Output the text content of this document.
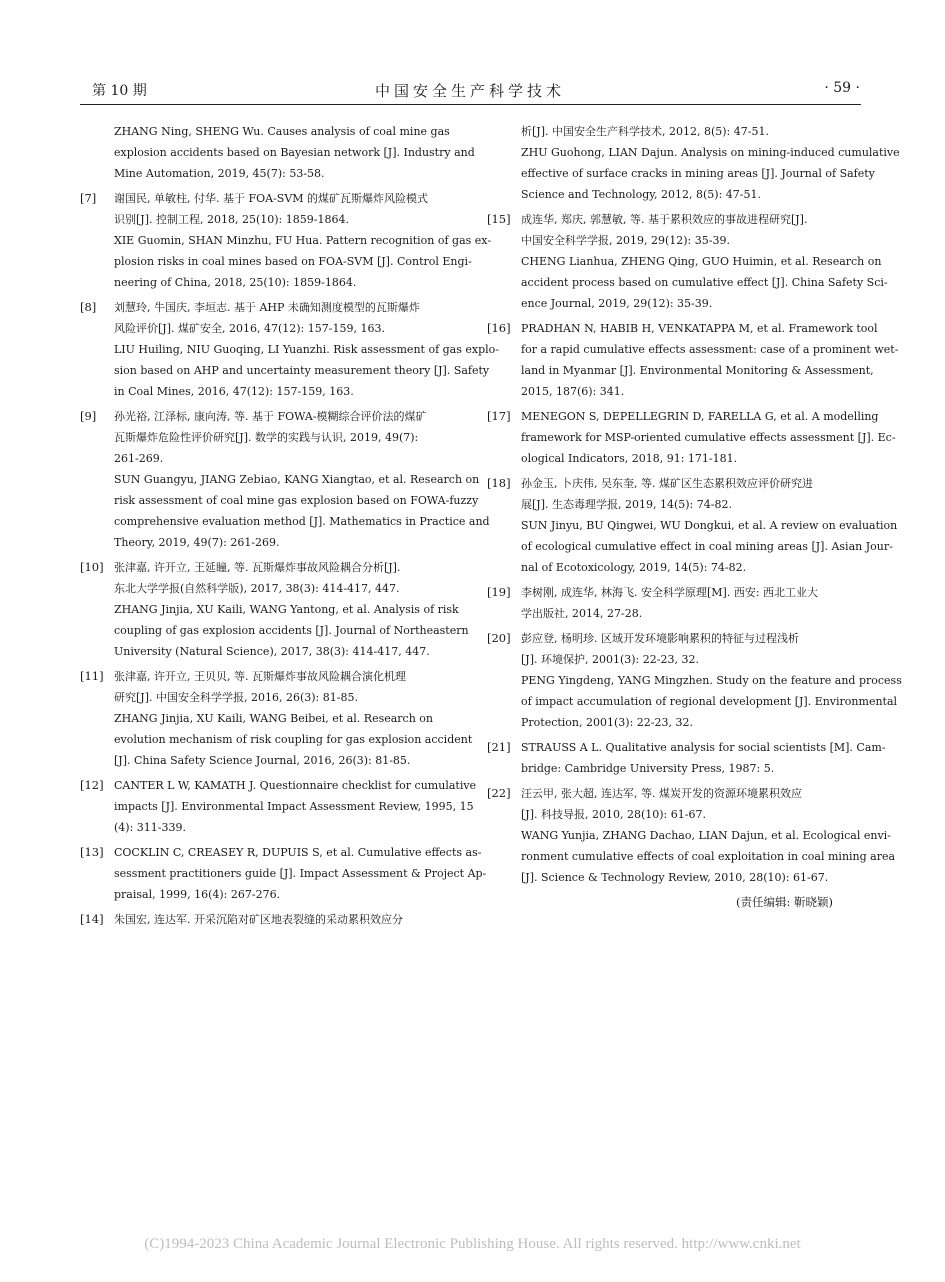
中国安全生产科学技术
第 10 期	· 59 ·
ZHANG Ning, SHENG Wu. Causes analysis of coal mine gas
explosion accidents based on Bayesian network [J]. Industry and
Mine Automation, 2019, 45(7): 53-58.
[7]	谢国民, 单敏柱, 付华. 基于 FOA-SVM 的煤矿瓦斯爆炸风险模式
识别[J]. 控制工程, 2018, 25(10): 1859-1864.
XIE Guomin, SHAN Minzhu, FU Hua. Pattern recognition of gas ex-
plosion risks in coal mines based on FOA-SVM [J]. Control Engi-
neering of China, 2018, 25(10): 1859-1864.
[8]	刘慧玲, 牛国庆, 李垣志. 基于 AHP 未确知测度模型的瓦斯爆炸
风险评价[J]. 煤矿安全, 2016, 47(12): 157-159, 163.
LIU Huiling, NIU Guoqing, LI Yuanzhi. Risk assessment of gas explo-
sion based on AHP and uncertainty measurement theory [J]. Safety
in Coal Mines, 2016, 47(12): 157-159, 163.
[9]	孙光裕, 江泽标, 康向涛, 等. 基于 FOWA-模糊综合评价法的煤矿
瓦斯爆炸危险性评价研究[J]. 数学的实践与认识, 2019, 49(7):
261-269.
SUN Guangyu, JIANG Zebiao, KANG Xiangtao, et al. Research on
risk assessment of coal mine gas explosion based on FOWA-fuzzy
comprehensive evaluation method [J]. Mathematics in Practice and
Theory, 2019, 49(7): 261-269.
[10] 张津嘉, 许开立, 王延瞳, 等. 瓦斯爆炸事故风险耦合分析[J].
东北大学学报(自然科学版), 2017, 38(3): 414-417, 447.
ZHANG Jinjia, XU Kaili, WANG Yantong, et al. Analysis of risk
coupling of gas explosion accidents [J]. Journal of Northeastern
University (Natural Science), 2017, 38(3): 414-417, 447.
[11] 张津嘉, 许开立, 王贝贝, 等. 瓦斯爆炸事故风险耦合演化机理
研究[J]. 中国安全科学学报, 2016, 26(3): 81-85.
ZHANG Jinjia, XU Kaili, WANG Beibei, et al. Research on
evolution mechanism of risk coupling for gas explosion accident
[J]. China Safety Science Journal, 2016, 26(3): 81-85.
[12] CANTER L W, KAMATH J. Questionnaire checklist for cumulative
impacts [J]. Environmental Impact Assessment Review, 1995, 15
(4): 311-339.
[13] COCKLIN C, CREASEY R, DUPUIS S, et al. Cumulative effects as-
sessment practitioners guide [J]. Impact Assessment & Project Ap-
praisal, 1999, 16(4): 267-276.
[14] 朱国宏, 连达军. 开采沉陷对矿区地表裂缝的采动累积效应分
析[J]. 中国安全生产科学技术, 2012, 8(5): 47-51.
ZHU Guohong, LIAN Dajun. Analysis on mining-induced cumulative
effective of surface cracks in mining areas [J]. Journal of Safety
Science and Technology, 2012, 8(5): 47-51.
[15] 成连华, 郑庆, 郭慧敏, 等. 基于累积效应的事故进程研究[J].
中国安全科学学报, 2019, 29(12): 35-39.
CHENG Lianhua, ZHENG Qing, GUO Huimin, et al. Research on
accident process based on cumulative effect [J]. China Safety Sci-
ence Journal, 2019, 29(12): 35-39.
[16] PRADHAN N, HABIB H, VENKATAPPA M, et al. Framework tool
for a rapid cumulative effects assessment: case of a prominent wet-
land in Myanmar [J]. Environmental Monitoring & Assessment,
2015, 187(6): 341.
[17] MENEGON S, DEPELLEGRIN D, FARELLA G, et al. A modelling
framework for MSP-oriented cumulative effects assessment [J]. Ec-
ological Indicators, 2018, 91: 171-181.
[18] 孙金玉, 卜庆伟, 吴东奎, 等. 煤矿区生态累积效应评价研究进
展[J]. 生态毒理学报, 2019, 14(5): 74-82.
SUN Jinyu, BU Qingwei, WU Dongkui, et al. A review on evaluation
of ecological cumulative effect in coal mining areas [J]. Asian Jour-
nal of Ecotoxicology, 2019, 14(5): 74-82.
[19] 李树刚, 成连华, 林海飞. 安全科学原理[M]. 西安: 西北工业大
学出版社, 2014, 27-28.
[20] 彭应登, 杨明珍. 区域开发环境影响累积的特征与过程浅析
[J]. 环境保护, 2001(3): 22-23, 32.
PENG Yingdeng, YANG Mingzhen. Study on the feature and process
of impact accumulation of regional development [J]. Environmental
Protection, 2001(3): 22-23, 32.
[21] STRAUSS A L. Qualitative analysis for social scientists [M]. Cam-
bridge: Cambridge University Press, 1987: 5.
[22] 汪云甲, 张大超, 连达军, 等. 煤炭开发的资源环境累积效应
[J]. 科技导报, 2010, 28(10): 61-67.
WANG Yunjia, ZHANG Dachao, LIAN Dajun, et al. Ecological envi-
ronment cumulative effects of coal exploitation in coal mining area
[J]. Science & Technology Review, 2010, 28(10): 61-67.
(责任编辑: 靳晓颖)
(C)1994-2023 China Academic Journal Electronic Publishing House. All rights reserved. http://www.cnki.net
